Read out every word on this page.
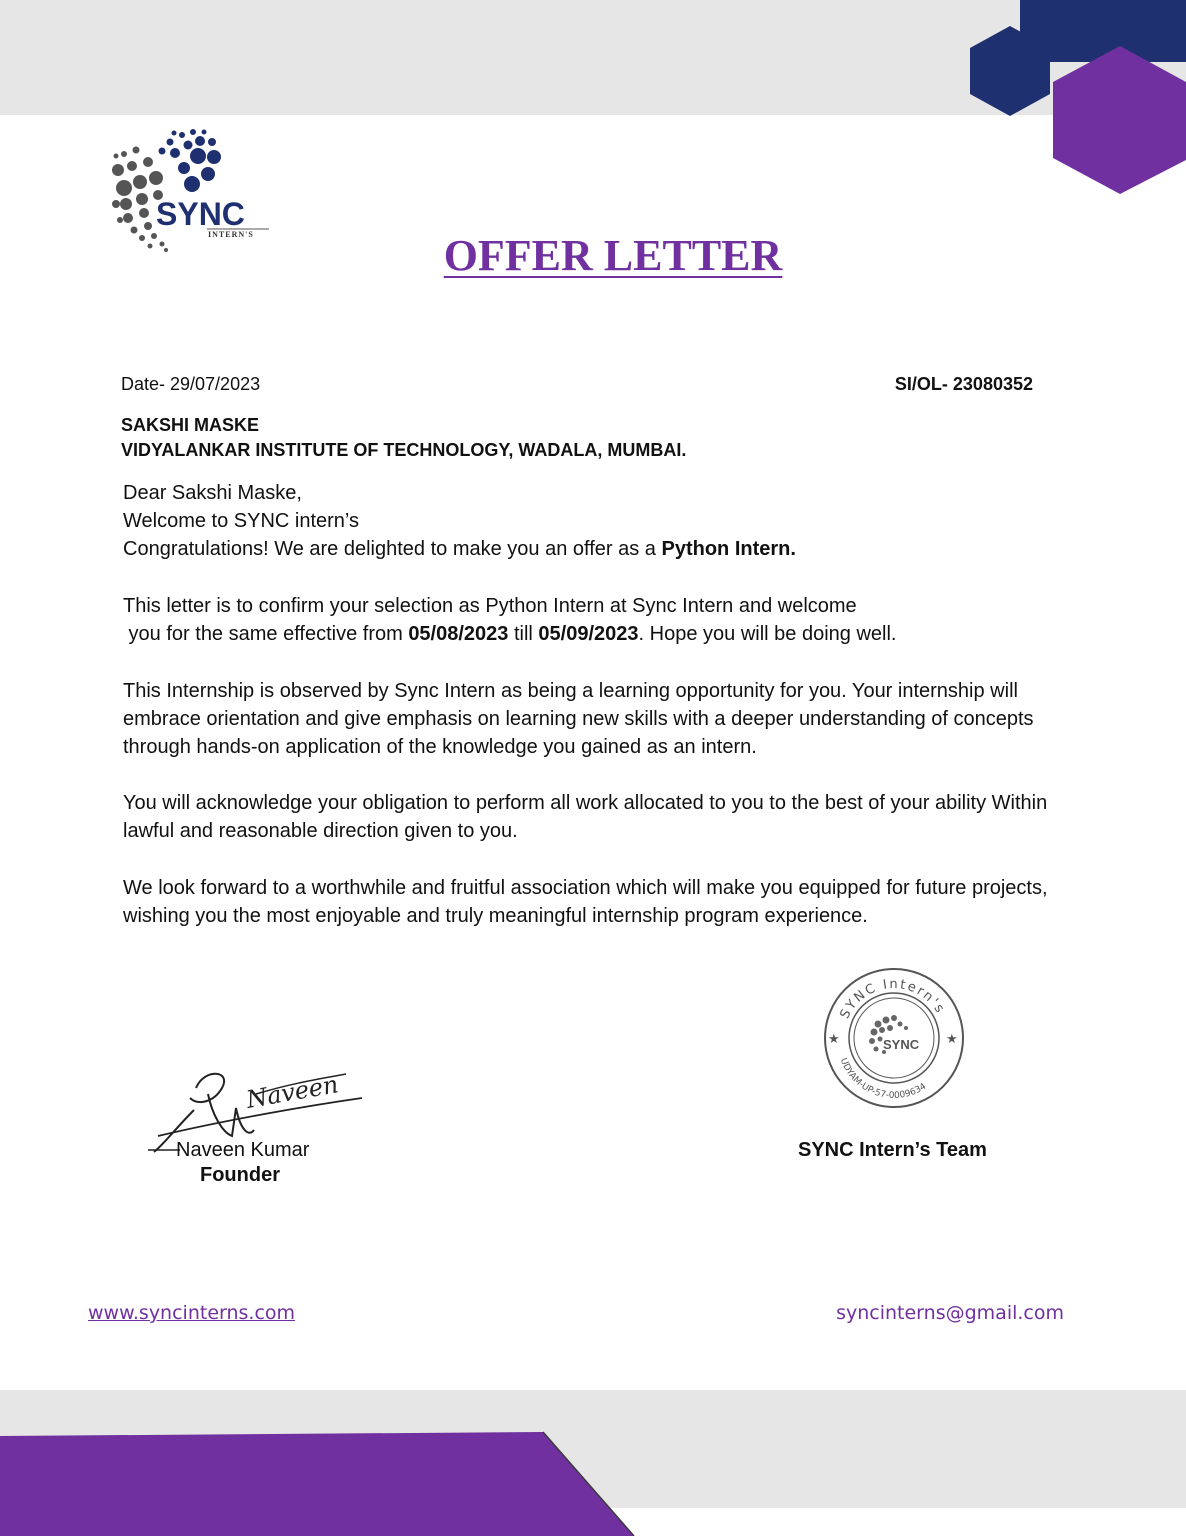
SYNC
INTERN'S	OFFER LETTER
Date- 29/07/2023	SI/OL- 23080352
SAKSHI MASKE
VIDYALANKAR INSTITUTE OF TECHNOLOGY, WADALA, MUMBAI.

Dear Sakshi Maske,

Welcome to SYNC intern’s

Congratulations! We are delighted to make you an offer as a Python Intern.

This letter is to confirm your selection as Python Intern at Sync Intern and welcome

you for the same effective from 05/08/2023 till 05/09/2023. Hope you will be doing well.

This Internship is observed by Sync Intern as being a learning opportunity for you. Your internship will embrace orientation and give emphasis on learning new skills with a deeper understanding of concepts through hands-on application of the knowledge you gained as an intern.
You will acknowledge your obligation to perform all work allocated to you to the best of your ability Within lawful and reasonable direction given to you.
We look forward to a worthwhile and fruitful association which will make you equipped for future projects, wishing you the most enjoyable and truly meaningful internship program experience.
Naveen
Naveen Kumar
Founder
SYNC Intern's
UDYAM-UP-57-0009634
★	★
SYNC
SYNC Intern’s Team
www.syncinterns.com	syncinterns@gmail.com
